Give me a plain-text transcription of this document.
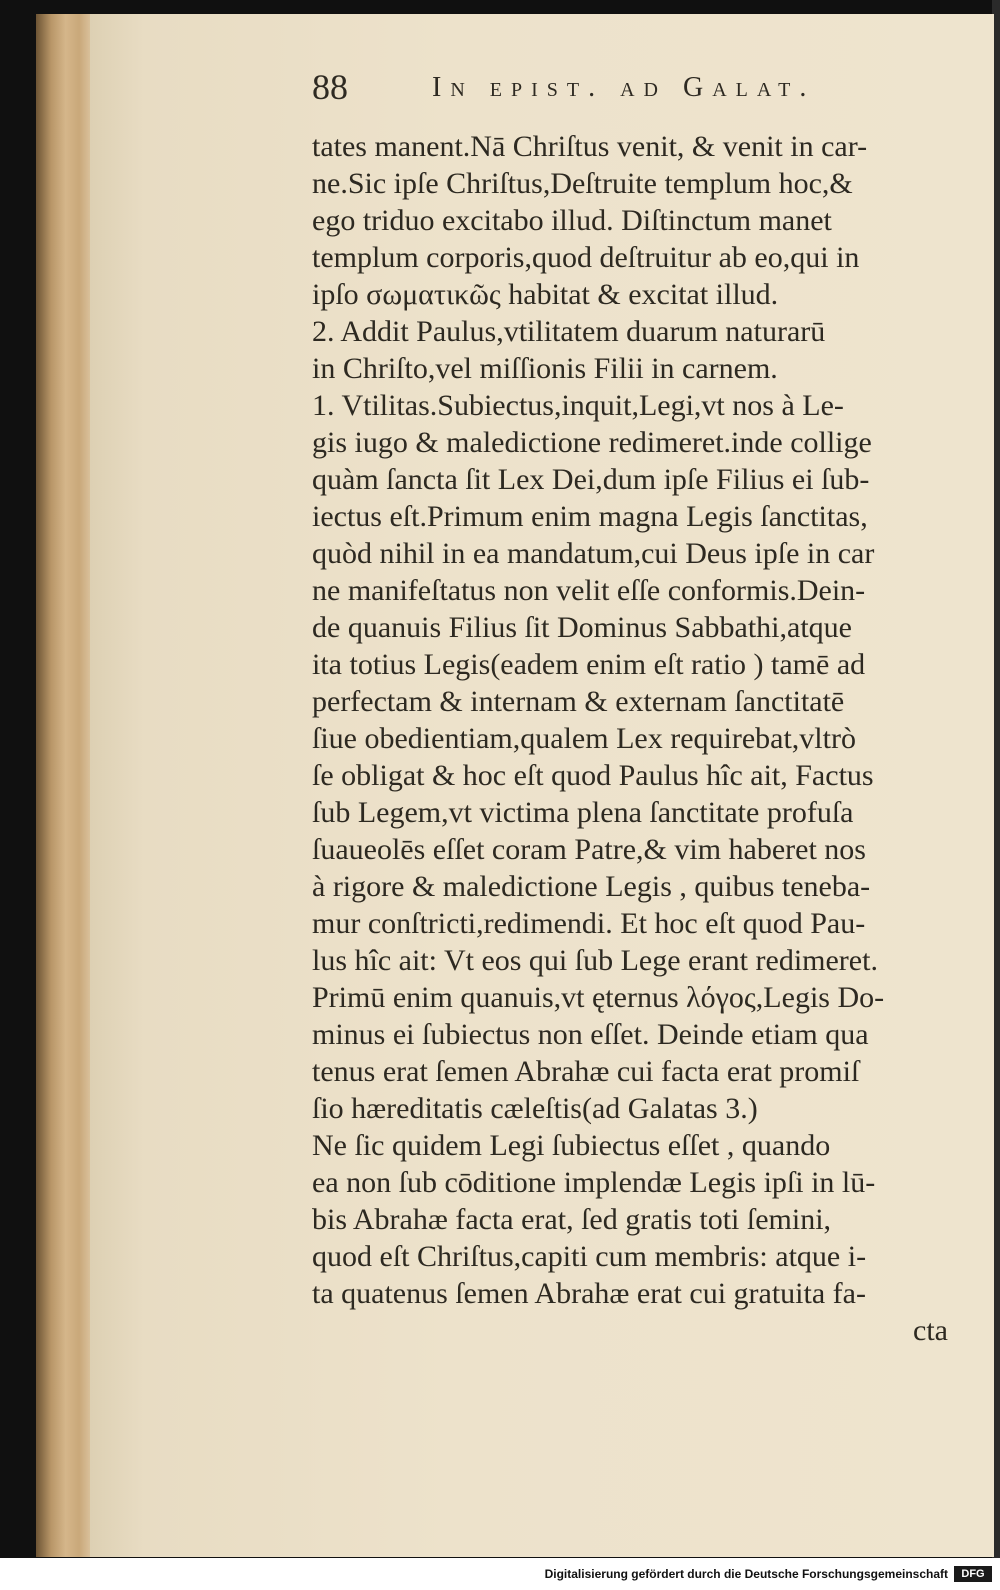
88	In epist. ad Galat.
tates manent.Nā Chriſtus venit, & venit in car-
ne.Sic ipſe Chriſtus,Deſtruite templum hoc,&
ego triduo excitabo illud. Diſtinctum manet
templum corporis,quod deſtruitur ab eo,qui in
ipſo σωματικῶς habitat & excitat illud.
2. Addit Paulus,vtilitatem duarum naturarū
in Chriſto,vel miſſionis Filii in carnem.
1. Vtilitas.Subiectus,inquit,Legi,vt nos à Le-
gis iugo & maledictione redimeret.inde collige
quàm ſancta ſit Lex Dei,dum ipſe Filius ei ſub-
iectus eſt.Primum enim magna Legis ſanctitas,
quòd nihil in ea mandatum,cui Deus ipſe in car
ne manifeſtatus non velit eſſe conformis.Dein-
de quanuis Filius ſit Dominus Sabbathi,atque
ita totius Legis(eadem enim eſt ratio ) tamē ad
perfectam & internam & externam ſanctitatē
ſiue obedientiam,qualem Lex requirebat,vltrò
ſe obligat & hoc eſt quod Paulus hîc ait, Factus
ſub Legem,vt victima plena ſanctitate profuſa
ſuaueolēs eſſet coram Patre,& vim haberet nos
à rigore & maledictione Legis , quibus teneba-
mur conſtricti,redimendi. Et hoc eſt quod Pau-
lus hîc ait: Vt eos qui ſub Lege erant redimeret.
Primū enim quanuis,vt ęternus λόγος,Legis Do-
minus ei ſubiectus non eſſet. Deinde etiam qua
tenus erat ſemen Abrahæ cui facta erat promiſ
ſio hæreditatis cæleſtis(ad Galatas 3.)
Ne ſic quidem Legi ſubiectus eſſet , quando
ea non ſub cōditione implendæ Legis ipſi in lū-
bis Abrahæ facta erat, ſed gratis toti ſemini,
quod eſt Chriſtus,capiti cum membris: atque i-
ta quatenus ſemen Abrahæ erat cui gratuita fa-
cta
Digitalisierung gefördert durch die Deutsche Forschungsgemeinschaft	DFG
